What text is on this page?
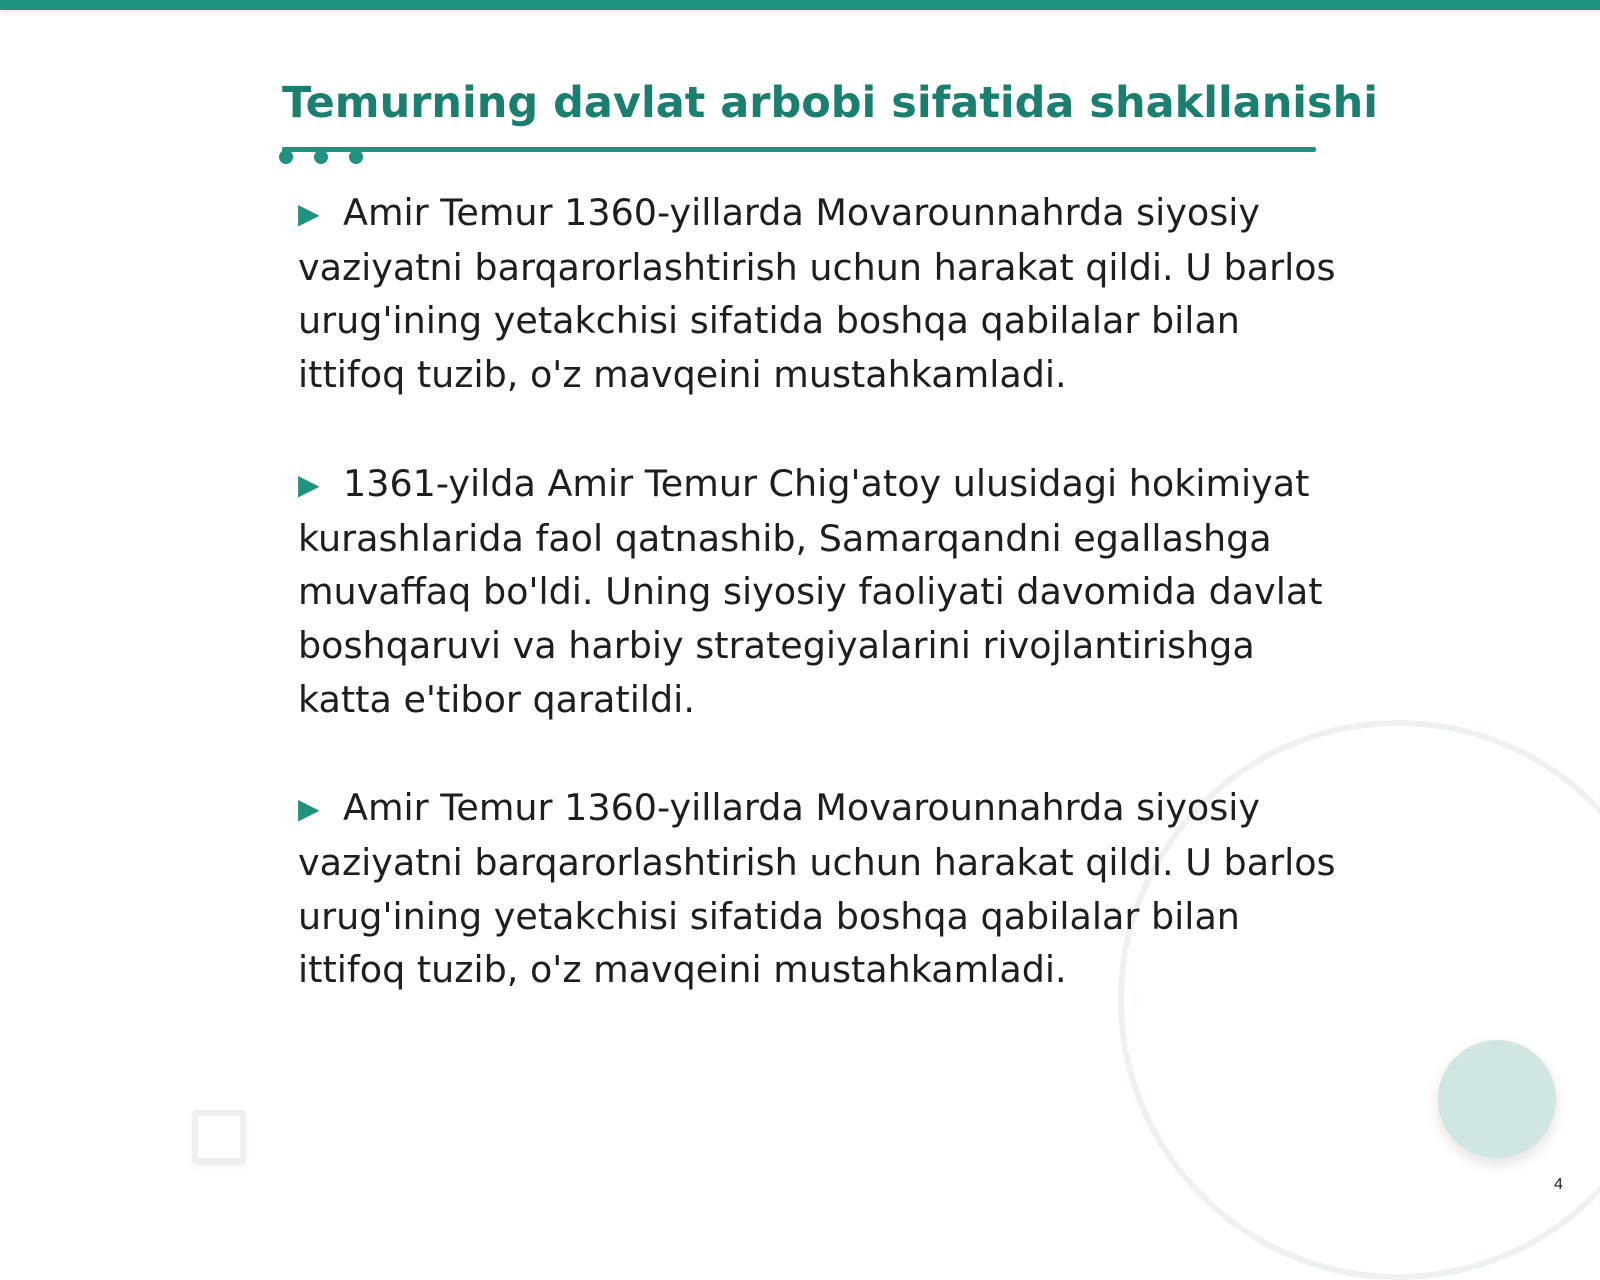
Temurning davlat arbobi sifatida shakllanishi

▶ Amir Temur 1360-yillarda Movarounnahrda siyosiy vaziyatni barqarorlashtirish uchun harakat qildi. U barlos urug'ining yetakchisi sifatida boshqa qabilalar bilan ittifoq tuzib, o'z mavqeini mustahkamladi.

▶ 1361-yilda Amir Temur Chig'atoy ulusidagi hokimiyat kurashlarida faol qatnashib, Samarqandni egallashga muvaffaq bo'ldi. Uning siyosiy faoliyati davomida davlat boshqaruvi va harbiy strategiyalarini rivojlantirishga katta e'tibor qaratildi.

▶ Amir Temur 1360-yillarda Movarounnahrda siyosiy vaziyatni barqarorlashtirish uchun harakat qildi. U barlos urug'ining yetakchisi sifatida boshqa qabilalar bilan ittifoq tuzib, o'z mavqeini mustahkamladi.

4
